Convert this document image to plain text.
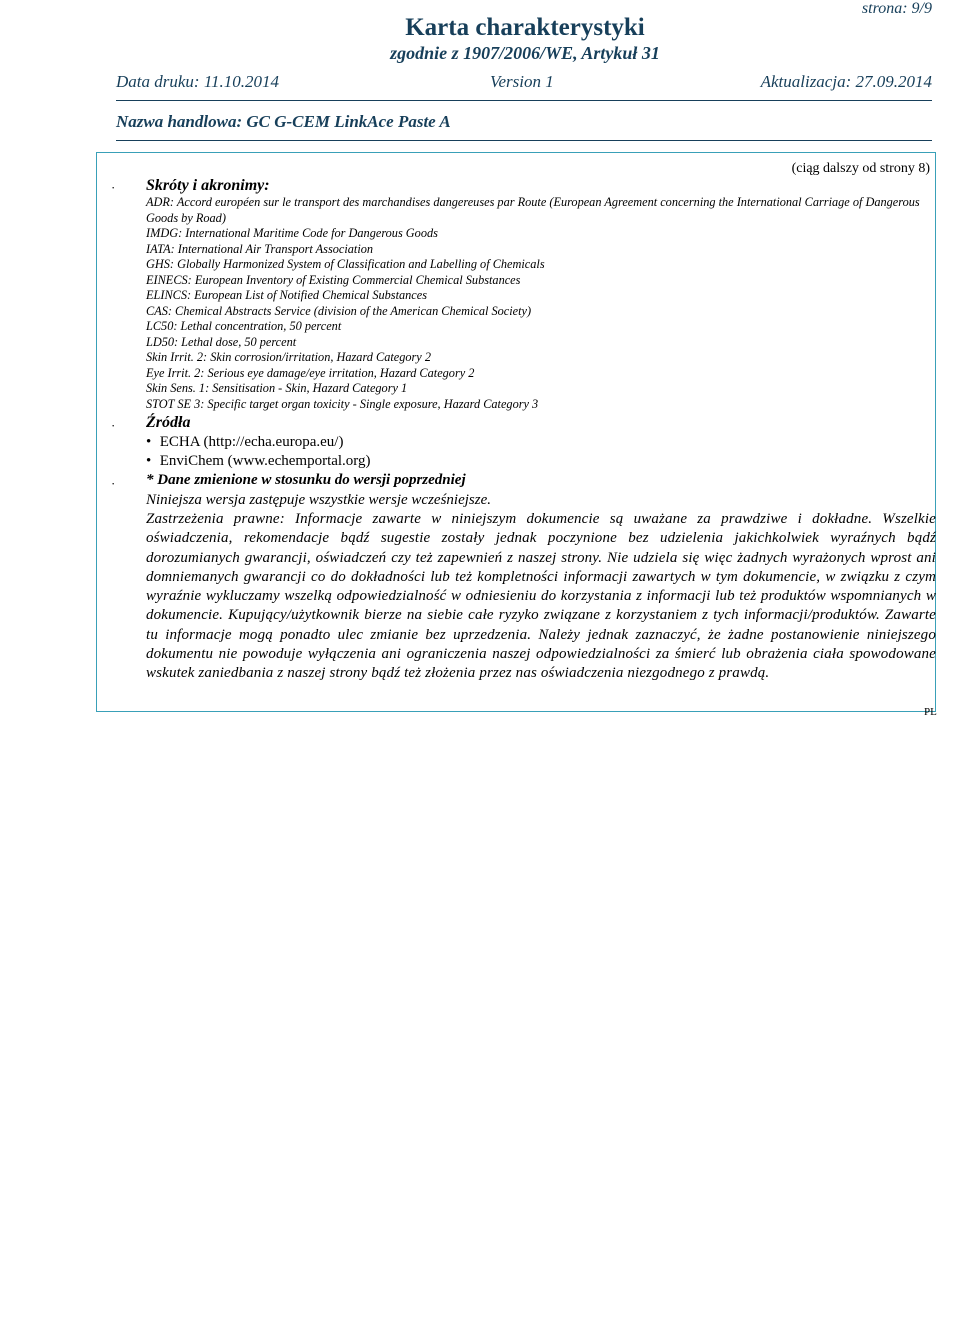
strona: 9/9
Karta charakterystyki
zgodnie z 1907/2006/WE, Artykuł 31
Data druku: 11.10.2014	Version 1	Aktualizacja: 27.09.2014
Nazwa handlowa: GC G-CEM LinkAce Paste A
(ciąg dalszy od strony 8)
· Skróty i akronimy:
ADR: Accord européen sur le transport des marchandises dangereuses par Route (European Agreement concerning the International Carriage of Dangerous Goods by Road)
IMDG: International Maritime Code for Dangerous Goods
IATA: International Air Transport Association
GHS: Globally Harmonized System of Classification and Labelling of Chemicals
EINECS: European Inventory of Existing Commercial Chemical Substances
ELINCS: European List of Notified Chemical Substances
CAS: Chemical Abstracts Service (division of the American Chemical Society)
LC50: Lethal concentration, 50 percent
LD50: Lethal dose, 50 percent
Skin Irrit. 2: Skin corrosion/irritation, Hazard Category 2
Eye Irrit. 2: Serious eye damage/eye irritation, Hazard Category 2
Skin Sens. 1: Sensitisation - Skin, Hazard Category 1
STOT SE 3: Specific target organ toxicity - Single exposure, Hazard Category 3
· Źródła
• ECHA (http://echa.europa.eu/)
• EnviChem (www.echemportal.org)
· * Dane zmienione w stosunku do wersji poprzedniej
Niniejsza wersja zastępuje wszystkie wersje wcześniejsze.
Zastrzeżenia prawne: Informacje zawarte w niniejszym dokumencie są uważane za prawdziwe i dokładne. Wszelkie oświadczenia, rekomendacje bądź sugestie zostały jednak poczynione bez udzielenia jakichkolwiek wyraźnych bądź dorozumianych gwarancji, oświadczeń czy też zapewnień z naszej strony. Nie udziela się więc żadnych wyrażonych wprost ani domniemanych gwarancji co do dokładności lub też kompletności informacji zawartych w tym dokumencie, w związku z czym wyraźnie wykluczamy wszelką odpowiedzialność w odniesieniu do korzystania z informacji lub też produktów wspomnianych w dokumencie. Kupujący/użytkownik bierze na siebie całe ryzyko związane z korzystaniem z tych informacji/produktów. Zawarte tu informacje mogą ponadto ulec zmianie bez uprzedzenia. Należy jednak zaznaczyć, że żadne postanowienie niniejszego dokumentu nie powoduje wyłączenia ani ograniczenia naszej odpowiedzialności za śmierć lub obrażenia ciała spowodowane wskutek zaniedbania z naszej strony bądź też złożenia przez nas oświadczenia niezgodnego z prawdą.
PL
